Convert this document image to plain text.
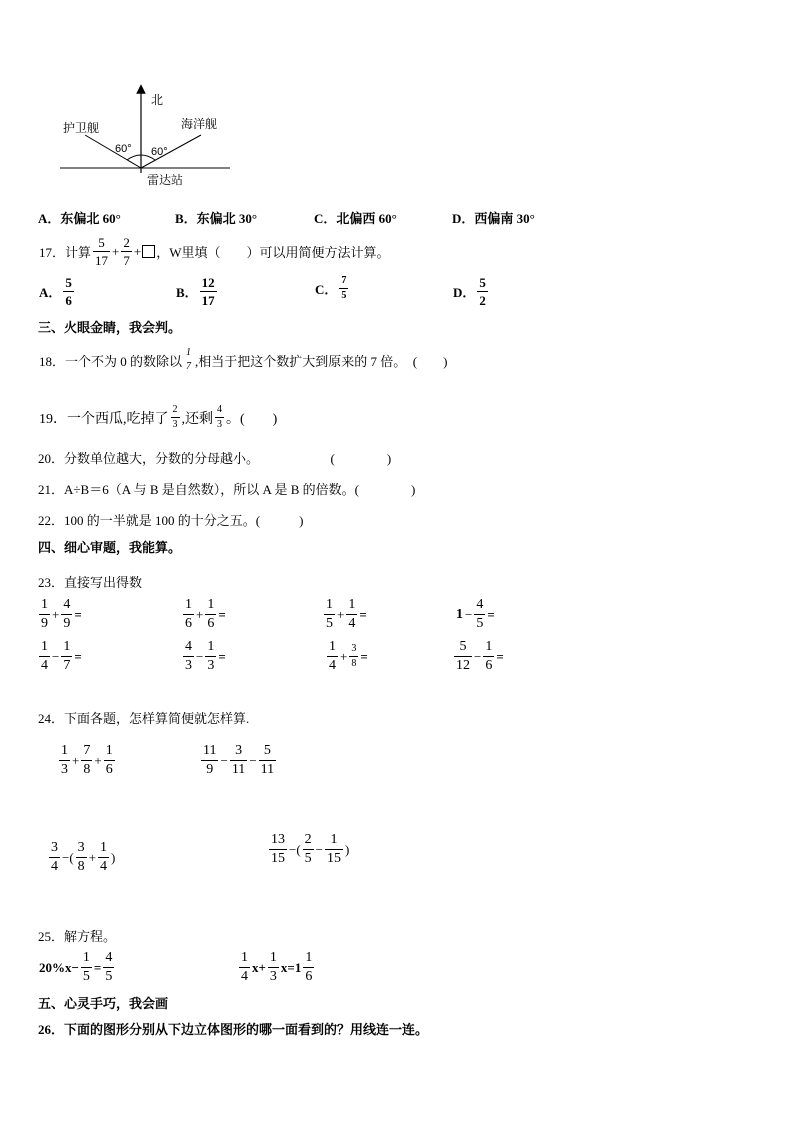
北
护卫舰	海洋舰
60° 60°
雷达站
A．东偏北 60°	B．东偏北 30°	C．北偏西 60°	D．西偏南 30°
17．计算 $\frac{5}{17} + \frac{2}{7}$ + ，W里填（　　）可以用简便方法计算。
A． $\frac{5}{6}$	B． $\frac{12}{17}$	C． $\frac{7}{5}$	D． $\frac{5}{2}$
三、火眼金睛，我会判。
18．一个不为 0 的数除以
1
7 ,相当于把这个数扩大到原来的 7 倍。　(　　)
19．一个西瓜,吃掉了 $\frac{2}{3}$ ,还剩 $\frac{4}{3}$ 。(　　)
20．分数单位越大，分数的分母越小。　　　　　　(　　　　)
21．A÷B＝6（A 与 B 是自然数），所以 A 是 B 的倍数。(　　　　)
22．100 的一半就是 100 的十分之五。(　　　)
四、细心审题，我能算。
23．直接写出得数
$\frac{1}{9} + \frac{4}{9}$ =	$\frac{1}{6} + \frac{1}{6}$ =	$\frac{1}{5} + \frac{1}{4}$ =	$1 - \frac{4}{5}$ =
$\frac{1}{4} - \frac{1}{7}$ =	$\frac{4}{3} - \frac{1}{3}$ =	$\frac{1}{4} + \frac{3}{8}$ =	$\frac{5}{12} - \frac{1}{6}$ =
24．下面各题，怎样算简便就怎样算.
$\frac{1}{3} + \frac{7}{8} + \frac{1}{6}$	$\frac{11}{9} - \frac{3}{11} - \frac{5}{11}$
$\frac{3}{4}$ −( $\frac{3}{8} + \frac{1}{4}$ )	$\frac{13}{15}$ −( $\frac{2}{5} - \frac{1}{15}$ )
25．解方程。
$20\%x- \frac{1}{5} = \frac{4}{5}$	$\frac{1}{4} x+ \frac{1}{3} x=1 \frac{1}{6}$
五、心灵手巧，我会画
26．下面的图形分别从下边立体图形的哪一面看到的？用线连一连。
